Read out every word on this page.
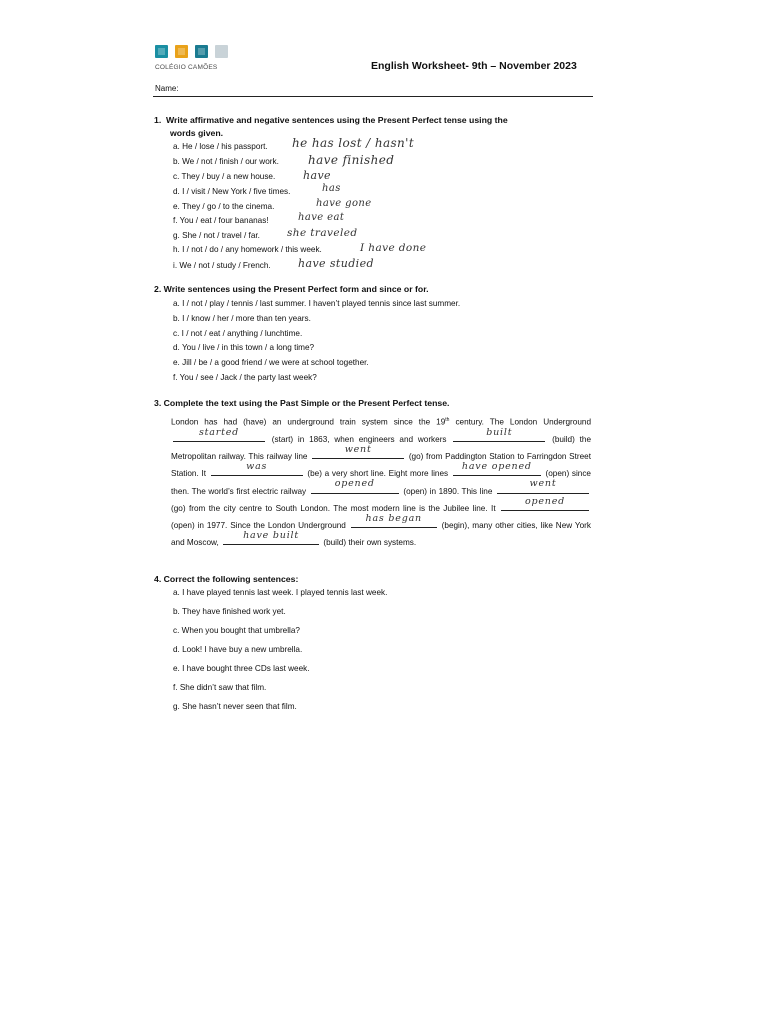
COLÉGIO CAMÕES	English Worksheet- 9th – November 2023
Name:
1. Write affirmative and negative sentences using the Present Perfect tense using the
words given.
a. He / lose / his passport. he has lost / hasn't
b. We / not / finish / our work. have finished
c. They / buy / a new house.	have
d. I / visit / New York / five times.	has
e. They / go / to the cinema.	have gone
f. You / eat / four bananas!	have eat
g. She / not / travel / far.	she traveled
h. I / not / do / any homework / this week.	I have done
i. We / not / study / French. have studied
2. Write sentences using the Present Perfect form and since or for.
a. I / not / play / tennis / last summer. I haven’t played tennis since last summer.
b. I / know / her / more than ten years.
c. I / not / eat / anything / lunchtime.
d. You / live / in this town / a long time?
e. Jill / be / a good friend / we were at school together.
f. You / see / Jack / the party last week?
3. Complete the text using the Past Simple or the Present Perfect tense.
London has had (have) an underground train system since the 19th century. The London Underground
started
(start) in 1863, when engineers and workers
built
(build) the Metropolitan railway. This railway line
went
(go) from Paddington Station to Farringdon Street Station. It
was
(be) a very short line. Eight more lines
have opened
(open) since then. The world’s first electric railway
opened
(open) in 1890. This line
went
(go) from the city centre to South London. The most modern line is the Jubilee line. It
opened
(open) in 1977. Since the London Underground
has began
(begin), many other cities, like New York and Moscow,
have built
(build) their own systems.
4. Correct the following sentences:
a. I have played tennis last week. I played tennis last week.
b. They have finished work yet.
c. When you bought that umbrella?
d. Look! I have buy a new umbrella.
e. I have bought three CDs last week.
f. She didn’t saw that film.
g. She hasn’t never seen that film.
